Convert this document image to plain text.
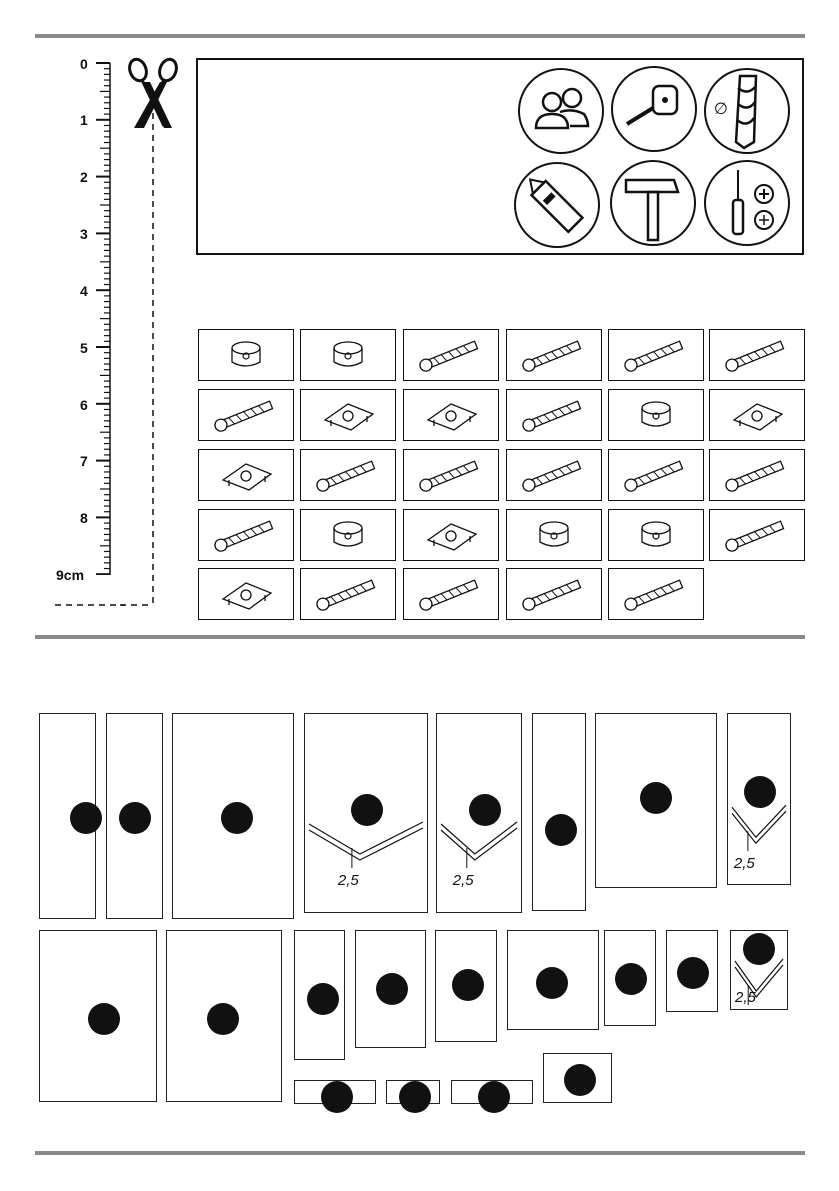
0
1
2
3
4
5
6
7
8
9cm
∅
2,5	2,5
2,5
2,5
